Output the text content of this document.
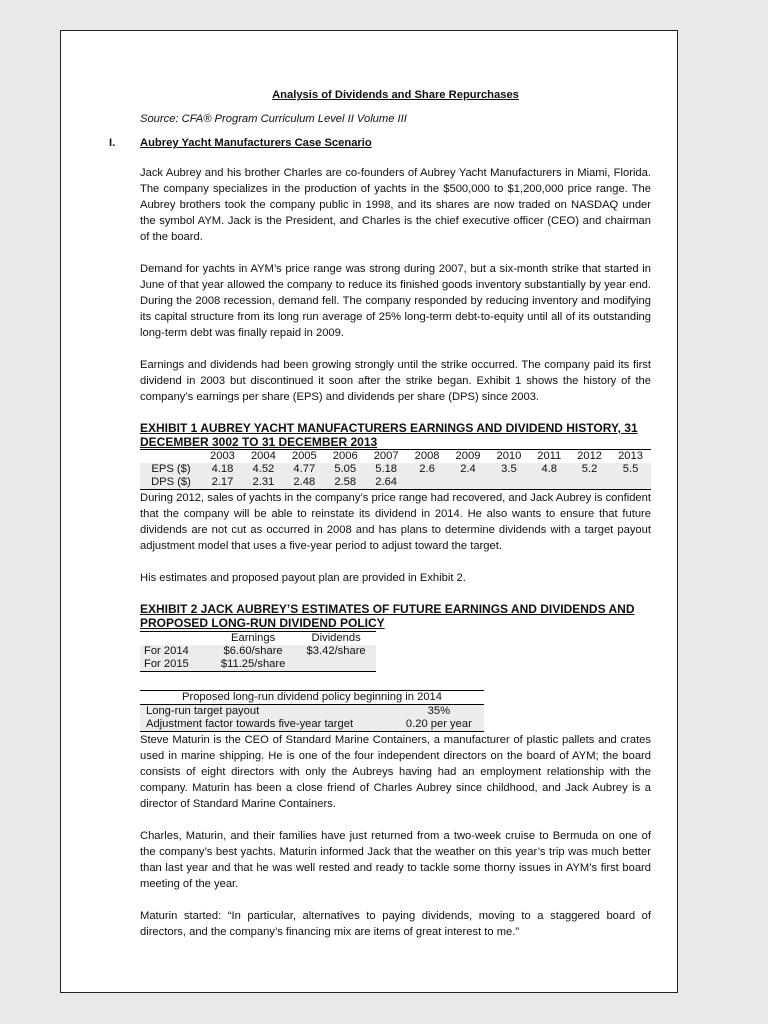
Analysis of Dividends and Share Repurchases
Source: CFA® Program Curriculum Level II Volume III
I. Aubrey Yacht Manufacturers Case Scenario

Jack Aubrey and his brother Charles are co-founders of Aubrey Yacht Manufacturers in Miami, Florida. The company specializes in the production of yachts in the $500,000 to $1,200,000 price range. The Aubrey brothers took the company public in 1998, and its shares are now traded on NASDAQ under the symbol AYM. Jack is the President, and Charles is the chief executive officer (CEO) and chairman of the board.

Demand for yachts in AYM’s price range was strong during 2007, but a six-month strike that started in June of that year allowed the company to reduce its finished goods inventory substantially by year end. During the 2008 recession, demand fell. The company responded by reducing inventory and modifying its capital structure from its long run average of 25% long-term debt-to-equity until all of its outstanding long-term debt was finally repaid in 2009.

Earnings and dividends had been growing strongly until the strike occurred. The company paid its first dividend in 2003 but discontinued it soon after the strike began. Exhibit 1 shows the history of the company’s earnings per share (EPS) and dividends per share (DPS) since 2003.

EXHIBIT 1 AUBREY YACHT MANUFACTURERS EARNINGS AND DIVIDEND HISTORY, 31
DECEMBER 3002 TO 31 DECEMBER 2013
	2003	2004	2005	2006	2007	2008	2009	2010	2011	2012	2013
EPS ($)	4.18	4.52	4.77	5.05	5.18	2.6	2.4	3.5	4.8	5.2	5.5
DPS ($)	2.17	2.31	2.48	2.58	2.64						

During 2012, sales of yachts in the company’s price range had recovered, and Jack Aubrey is confident that the company will be able to reinstate its dividend in 2014. He also wants to ensure that future dividends are not cut as occurred in 2008 and has plans to determine dividends with a target payout adjustment model that uses a five-year period to adjust toward the target.

His estimates and proposed payout plan are provided in Exhibit 2.

EXHIBIT 2 JACK AUBREY’S ESTIMATES OF FUTURE EARNINGS AND DIVIDENDS AND
PROPOSED LONG-RUN DIVIDEND POLICY
	Earnings	Dividends
For 2014	$6.60/share	$3.42/share
For 2015	$11.25/share	
Proposed long-run dividend policy beginning in 2014	
Long-run target payout	35%
Adjustment factor towards five-year target	0.20 per year

Steve Maturin is the CEO of Standard Marine Containers, a manufacturer of plastic pallets and crates used in marine shipping. He is one of the four independent directors on the board of AYM; the board consists of eight directors with only the Aubreys having had an employment relationship with the company. Maturin has been a close friend of Charles Aubrey since childhood, and Jack Aubrey is a director of Standard Marine Containers.

Charles, Maturin, and their families have just returned from a two-week cruise to Bermuda on one of the company’s best yachts. Maturin informed Jack that the weather on this year’s trip was much better than last year and that he was well rested and ready to tackle some thorny issues in AYM’s first board meeting of the year.

Maturin started: “In particular, alternatives to paying dividends, moving to a staggered board of directors, and the company’s financing mix are items of great interest to me.”
